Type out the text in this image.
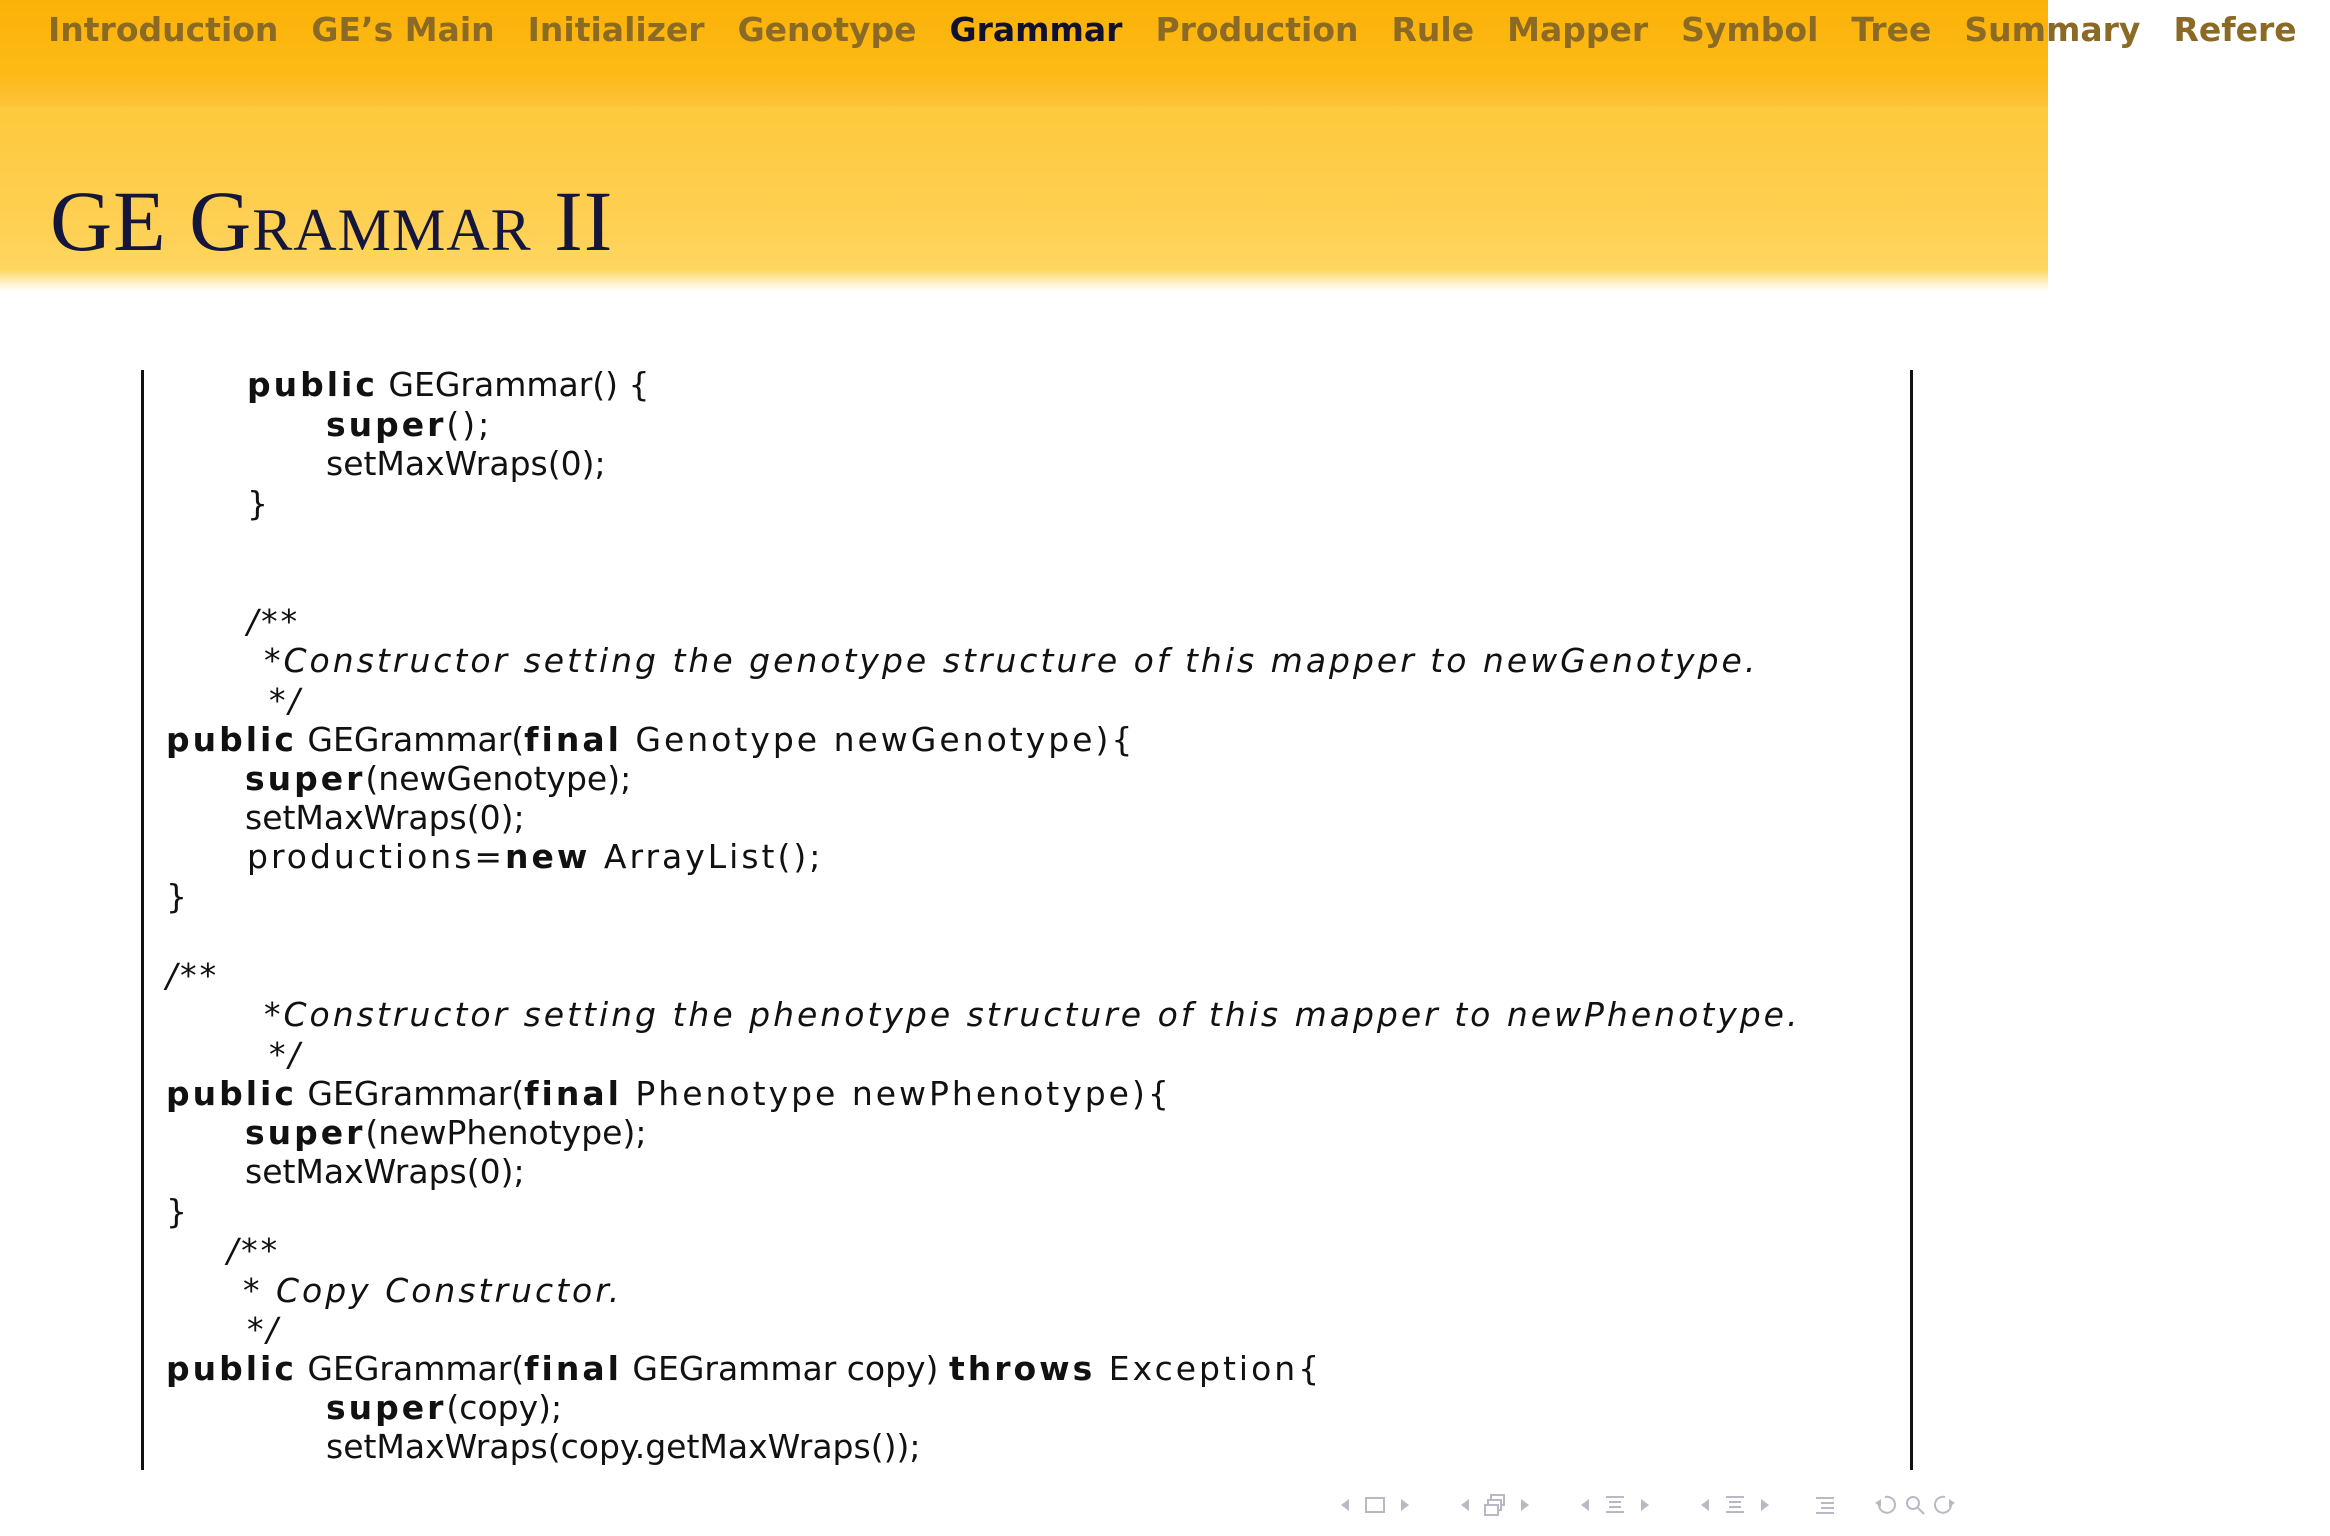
Introduction GE’s Main Initializer Genotype Grammar Production Rule Mapper Symbol Tree Summary Refere
GE Grammar II
public GEGrammar() {
super();
setMaxWraps(0);
}
/**
*Constructor setting the genotype structure of this mapper to newGenotype.
*/
public GEGrammar(final Genotype newGenotype){
super(newGenotype);
setMaxWraps(0);
productions=new ArrayList();
}
/**
*Constructor setting the phenotype structure of this mapper to newPhenotype.
*/
public GEGrammar(final Phenotype newPhenotype){
super(newPhenotype);
setMaxWraps(0);
}
/**
* Copy Constructor.
*/
public GEGrammar(final GEGrammar copy) throws Exception{
super(copy);
setMaxWraps(copy.getMaxWraps());
